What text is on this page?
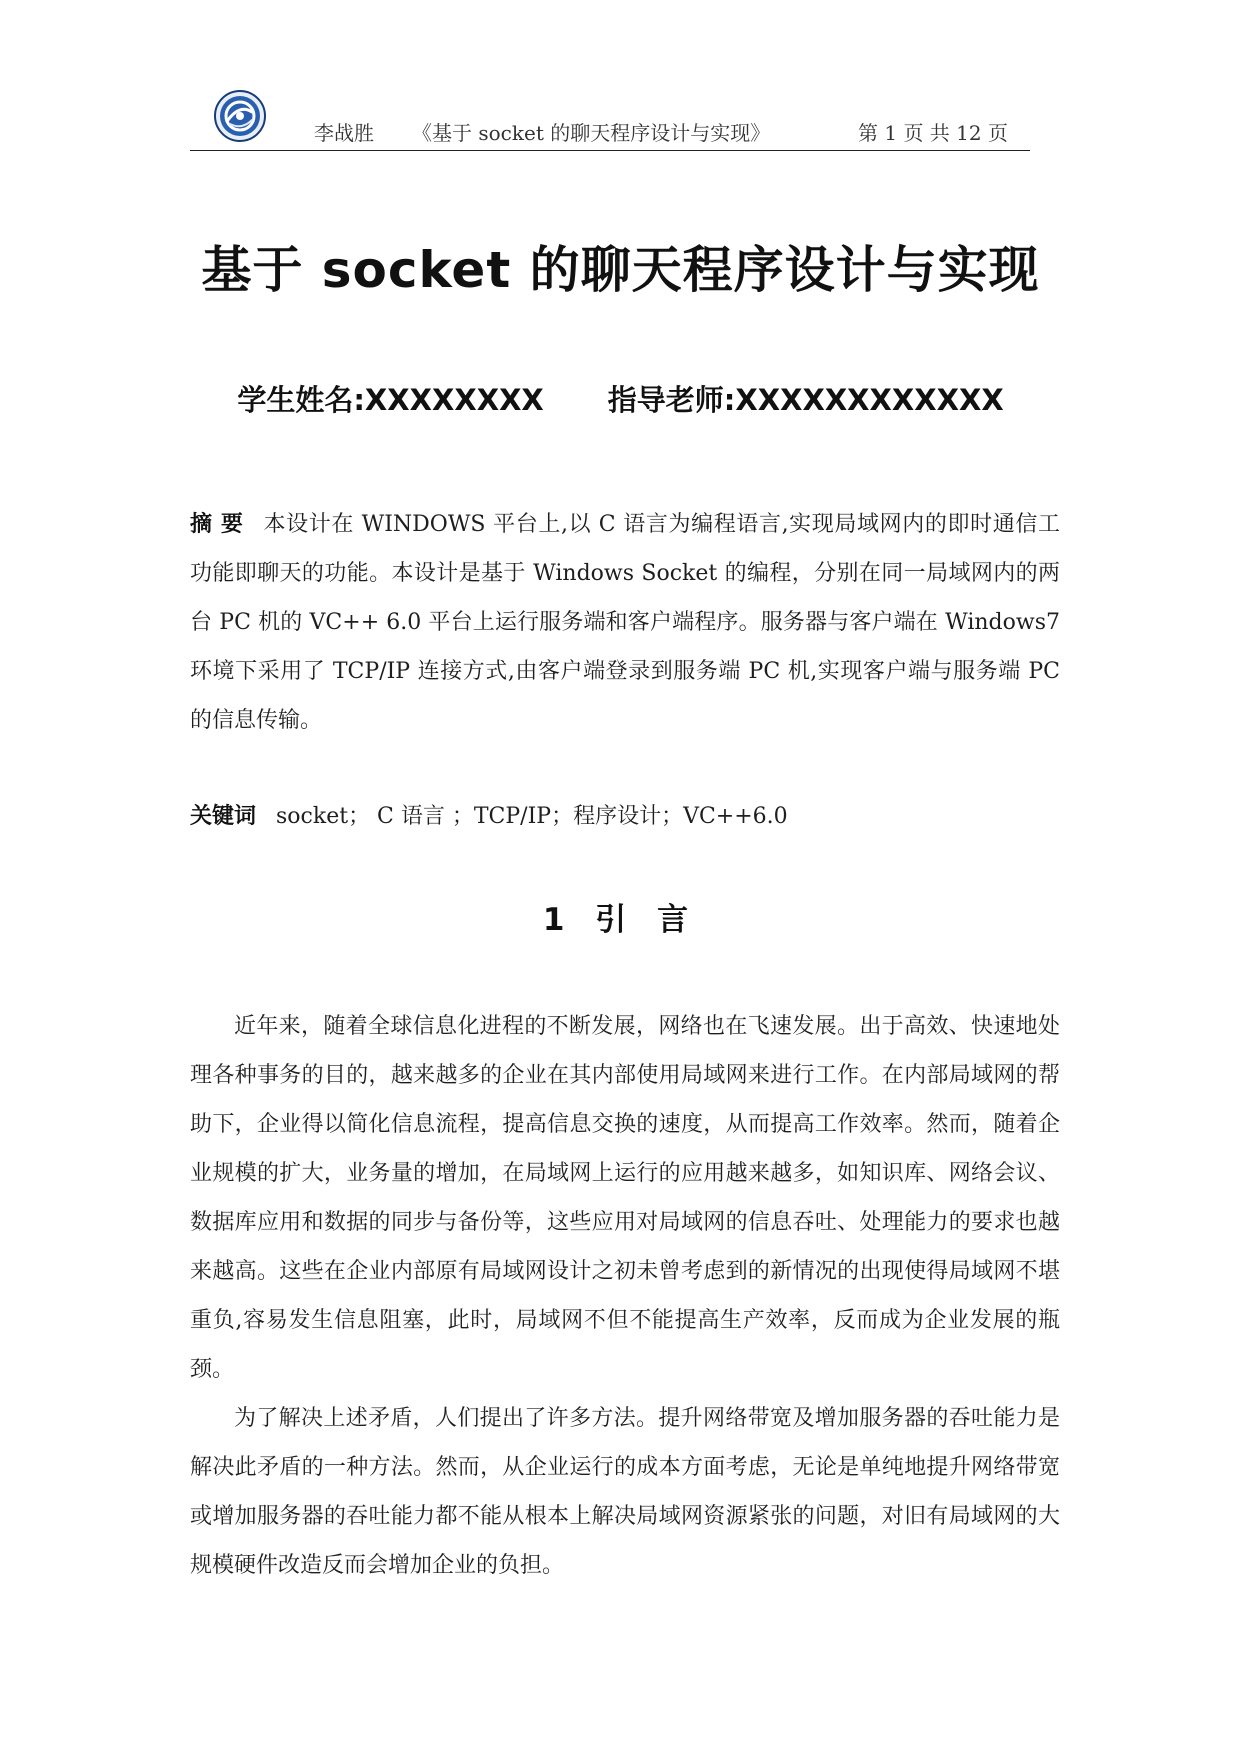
李战胜 《基于 socket 的聊天程序设计与实现》	第 1 页 共 12 页
基于 socket 的聊天程序设计与实现
学生姓名:XXXXXXXX 指导老师:XXXXXXXXXXXX
摘 要 本设计在 WINDOWS 平台上,以 C 语言为编程语言,实现局域网内的即时通信工功能即聊天的功能。本设计是基于 Windows Socket 的编程，分别在同一局域网内的两台 PC 机的 VC++ 6.0 平台上运行服务端和客户端程序。服务器与客户端在 Windows7 环境下采用了 TCP/IP 连接方式,由客户端登录到服务端 PC 机,实现客户端与服务端 PC 的信息传输。
关键词 socket； C 语言 ；TCP/IP；程序设计；VC++6.0
1 引 言

近年来，随着全球信息化进程的不断发展，网络也在飞速发展。出于高效、快速地处理各种事务的目的，越来越多的企业在其内部使用局域网来进行工作。在内部局域网的帮助下，企业得以简化信息流程，提高信息交换的速度，从而提高工作效率。然而，随着企业规模的扩大，业务量的增加，在局域网上运行的应用越来越多，如知识库、网络会议、数据库应用和数据的同步与备份等，这些应用对局域网的信息吞吐、处理能力的要求也越来越高。这些在企业内部原有局域网设计之初未曾考虑到的新情况的出现使得局域网不堪重负,容易发生信息阻塞，此时，局域网不但不能提高生产效率，反而成为企业发展的瓶颈。

为了解决上述矛盾，人们提出了许多方法。提升网络带宽及增加服务器的吞吐能力是解决此矛盾的一种方法。然而，从企业运行的成本方面考虑，无论是单纯地提升网络带宽或增加服务器的吞吐能力都不能从根本上解决局域网资源紧张的问题，对旧有局域网的大规模硬件改造反而会增加企业的负担。
